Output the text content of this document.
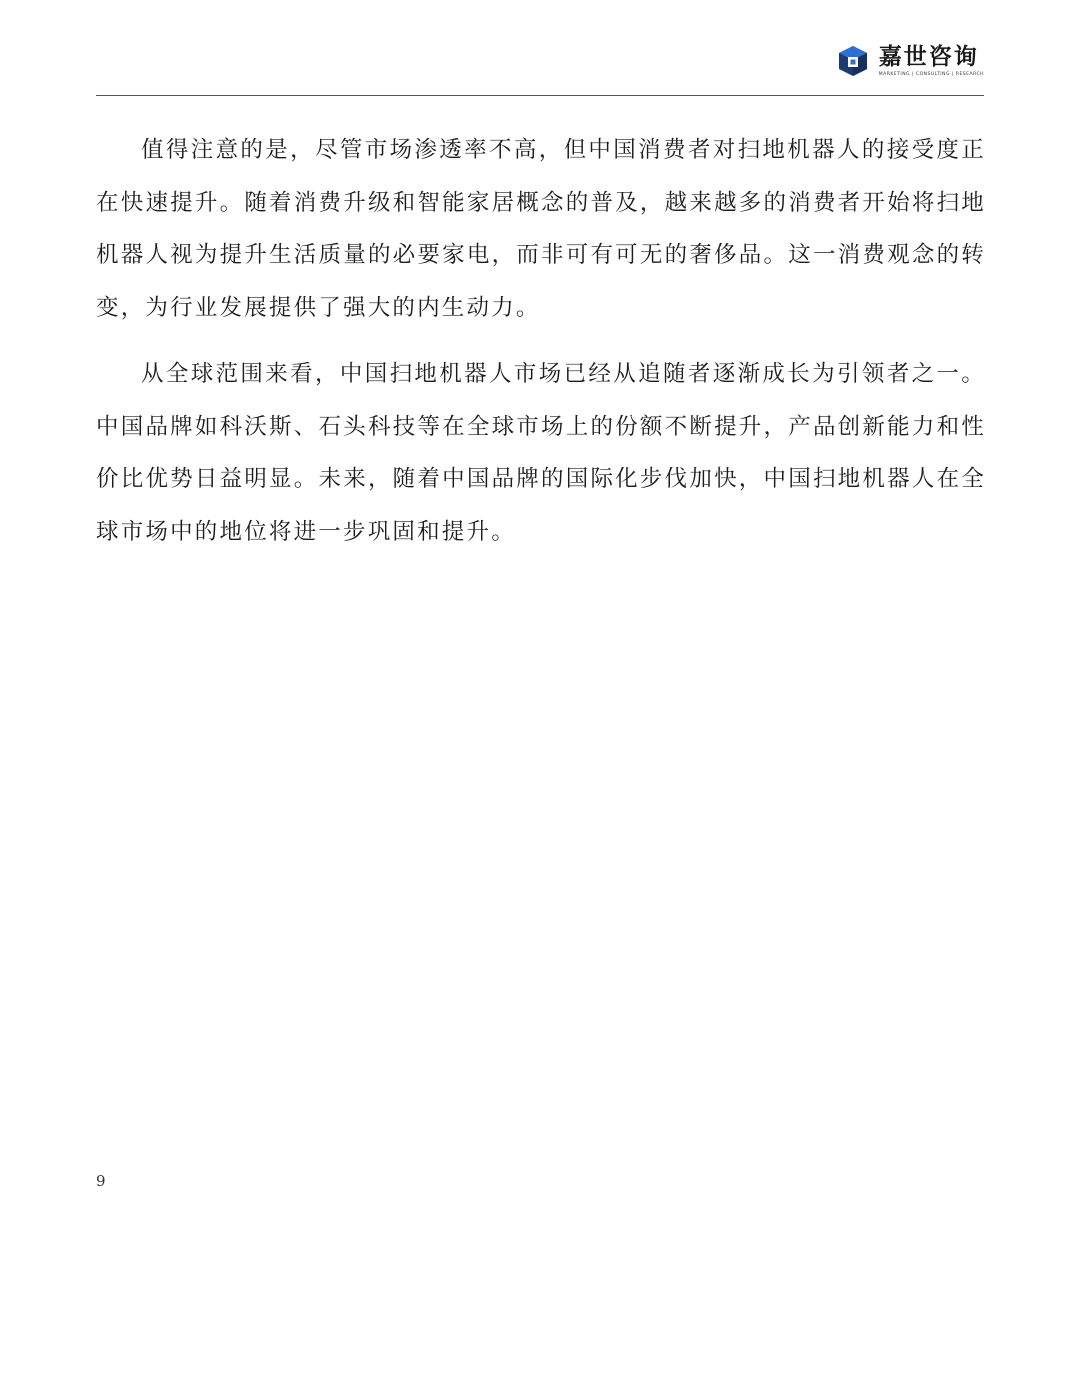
嘉世咨询
MARKETING | CONSULTING | RESEARCH

值得注意的是，尽管市场渗透率不高，但中国消费者对扫地机器人的接受度正在快速提升。随着消费升级和智能家居概念的普及，越来越多的消费者开始将扫地机器人视为提升生活质量的必要家电，而非可有可无的奢侈品。这一消费观念的转变，为行业发展提供了强大的内生动力。

从全球范围来看，中国扫地机器人市场已经从追随者逐渐成长为引领者之一。中国品牌如科沃斯、石头科技等在全球市场上的份额不断提升，产品创新能力和性价比优势日益明显。未来，随着中国品牌的国际化步伐加快，中国扫地机器人在全球市场中的地位将进一步巩固和提升。

9
